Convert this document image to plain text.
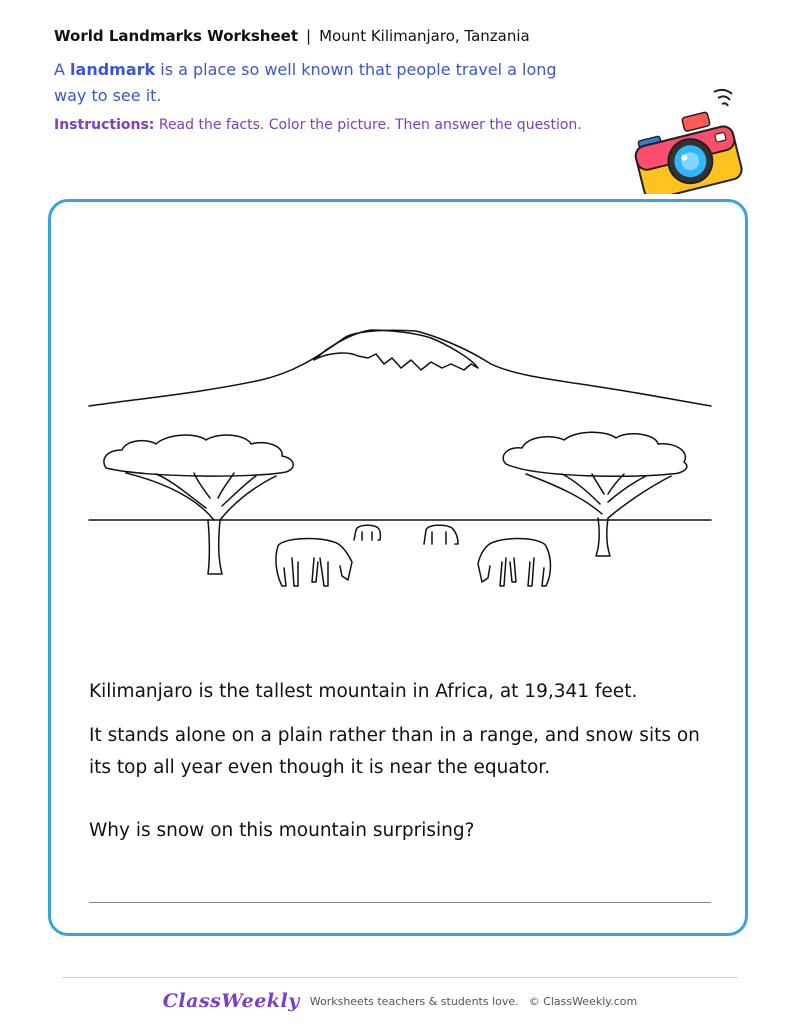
World Landmarks Worksheet | Mount Kilimanjaro, Tanzania
A landmark is a place so well known that people travel a long way to see it.
Instructions: Read the facts. Color the picture. Then answer the question.
Kilimanjaro is the tallest mountain in Africa, at 19,341 feet.
It stands alone on a plain rather than in a range, and snow sits on its top all year even though it is near the equator.
Why is snow on this mountain surprising?
ClassWeekly Worksheets teachers & students love. © ClassWeekly.com
